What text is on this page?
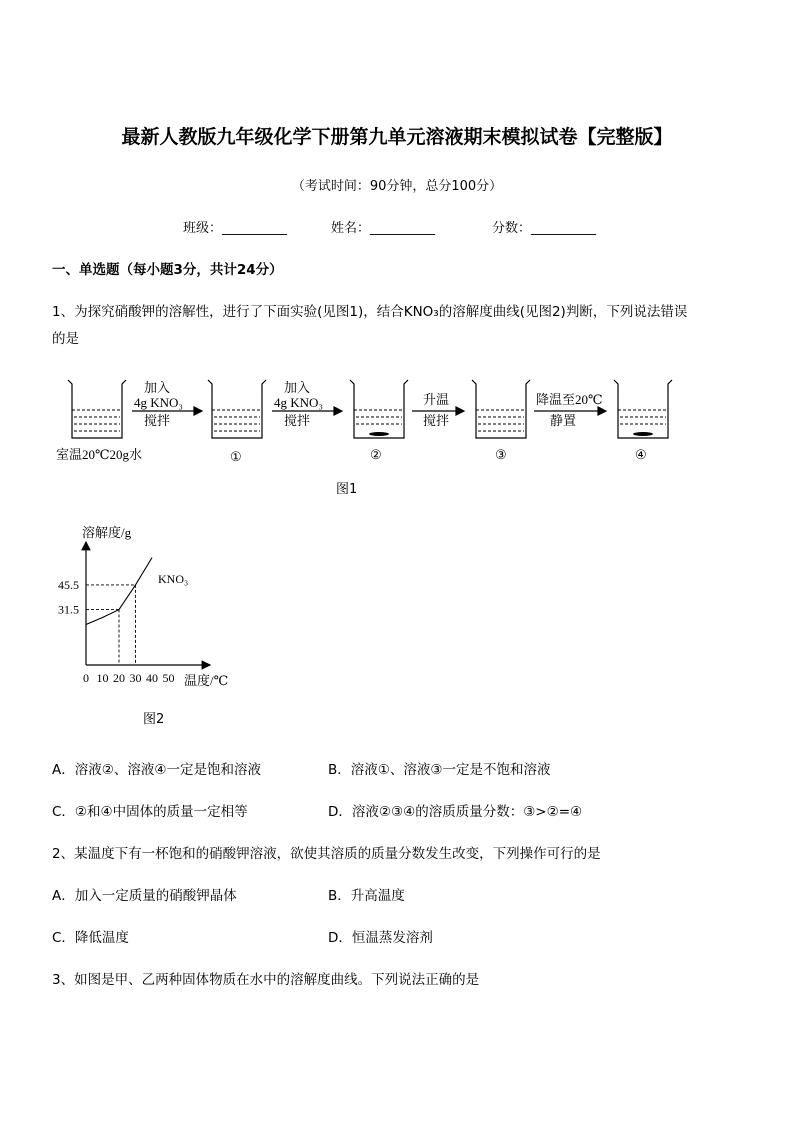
最新人教版九年级化学下册第九单元溶液期末模拟试卷【完整版】
（考试时间：90分钟，总分100分）
班级：__________	姓名：__________	分数：__________
一、单选题（每小题3分，共计24分）
1、为探究硝酸钾的溶解性，进行了下面实验(见图1)，结合KNO₃的溶解度曲线(见图2)判断，下列说法错误
的是
加入
4g KNO₃
搅拌
加入
4g KNO₃
搅拌
升温
搅拌
降温至20℃
静置
室温20℃20g水	①	②	③	④
图1
溶解度/g
温度/℃
0 10 20 30 40 50
31.5
45.5	KNO₃
图2
A．溶液②、溶液④一定是饱和溶液	B．溶液①、溶液③一定是不饱和溶液
C．②和④中固体的质量一定相等	D．溶液②③④的溶质质量分数：③>②=④
2、某温度下有一杯饱和的硝酸钾溶液，欲使其溶质的质量分数发生改变，下列操作可行的是
A．加入一定质量的硝酸钾晶体	B．升高温度
C．降低温度	D．恒温蒸发溶剂
3、如图是甲、乙两种固体物质在水中的溶解度曲线。下列说法正确的是
